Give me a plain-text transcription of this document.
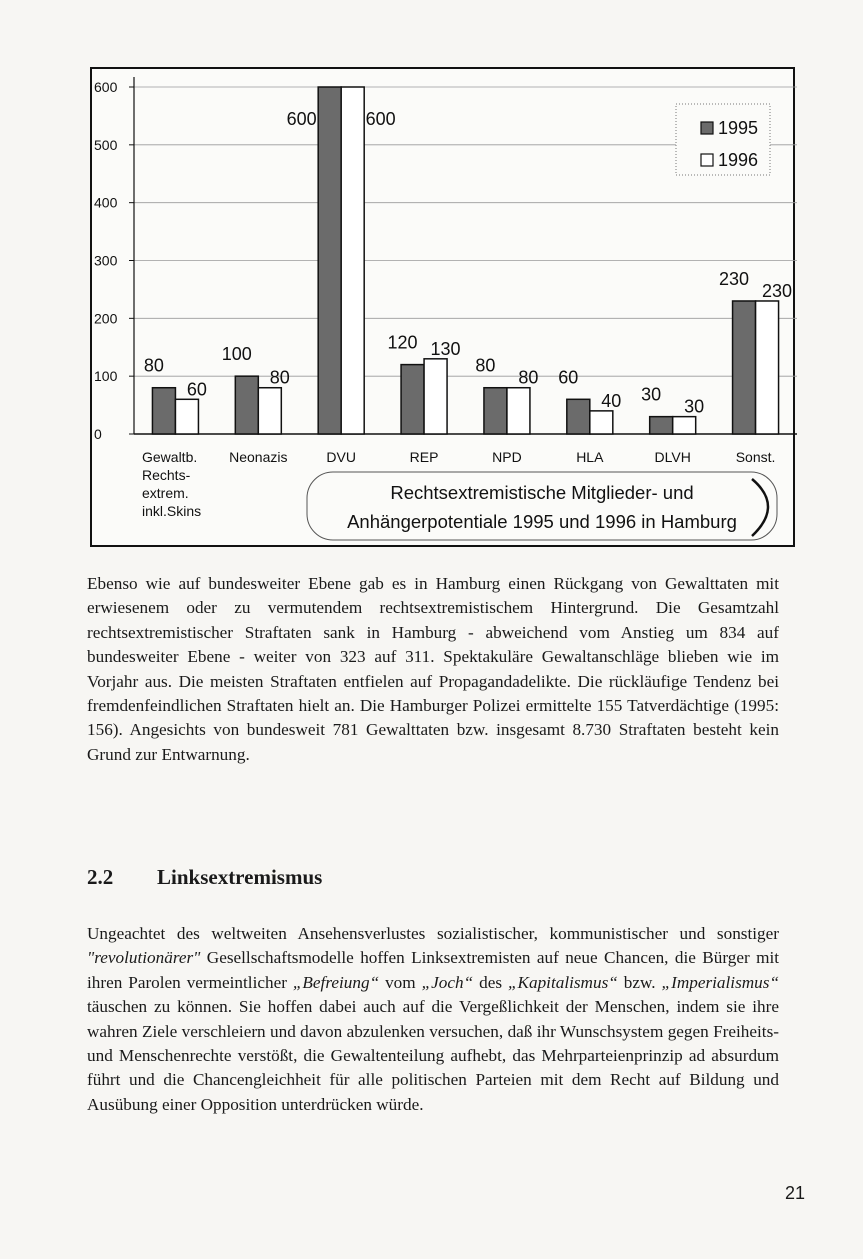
0
100
200
300
400
500
600
80
100
600
120
80
60
30
230
60
80
600
130
80
40	30
230
Gewaltb.
Rechts-
extrem.
inkl.Skins
Neonazis	DVU	REP	NPD	HLA	DLVH	Sonst.
1995
1996
Rechtsextremistische Mitglieder- und
Anhängerpotentiale 1995 und 1996 in Hamburg

Ebenso wie auf bundesweiter Ebene gab es in Hamburg einen Rückgang von Gewalttaten mit erwiesenem oder zu vermutendem rechtsextremistischem Hintergrund. Die Gesamtzahl rechtsextremistischer Straftaten sank in Hamburg - abweichend vom Anstieg um 834 auf bundesweiter Ebene - weiter von 323 auf 311. Spektakuläre Gewaltanschläge blieben wie im Vorjahr aus. Die meisten Straftaten entfielen auf Propagandadelikte. Die rückläufige Tendenz bei fremdenfeindlichen Straftaten hielt an. Die Hamburger Polizei ermittelte 155 Tatverdächtige (1995: 156). Angesichts von bundesweit 781 Gewalttaten bzw. insgesamt 8.730 Straftaten besteht kein Grund zur Entwarnung.

2.2 Linksextremismus

Ungeachtet des weltweiten Ansehensverlustes sozialistischer, kommunistischer und sonstiger "revolutionärer" Gesellschaftsmodelle hoffen Linksextremisten auf neue Chancen, die Bürger mit ihren Parolen vermeintlicher „Befreiung“ vom „Joch“ des „Kapitalismus“ bzw. „Imperialismus“ täuschen zu können. Sie hoffen dabei auch auf die Vergeßlichkeit der Menschen, indem sie ihre wahren Ziele verschleiern und davon abzulenken versuchen, daß ihr Wunschsystem gegen Freiheits- und Menschenrechte verstößt, die Gewaltenteilung aufhebt, das Mehrparteienprinzip ad absurdum führt und die Chancengleichheit für alle politischen Parteien mit dem Recht auf Bildung und Ausübung einer Opposition unterdrücken würde.

21
